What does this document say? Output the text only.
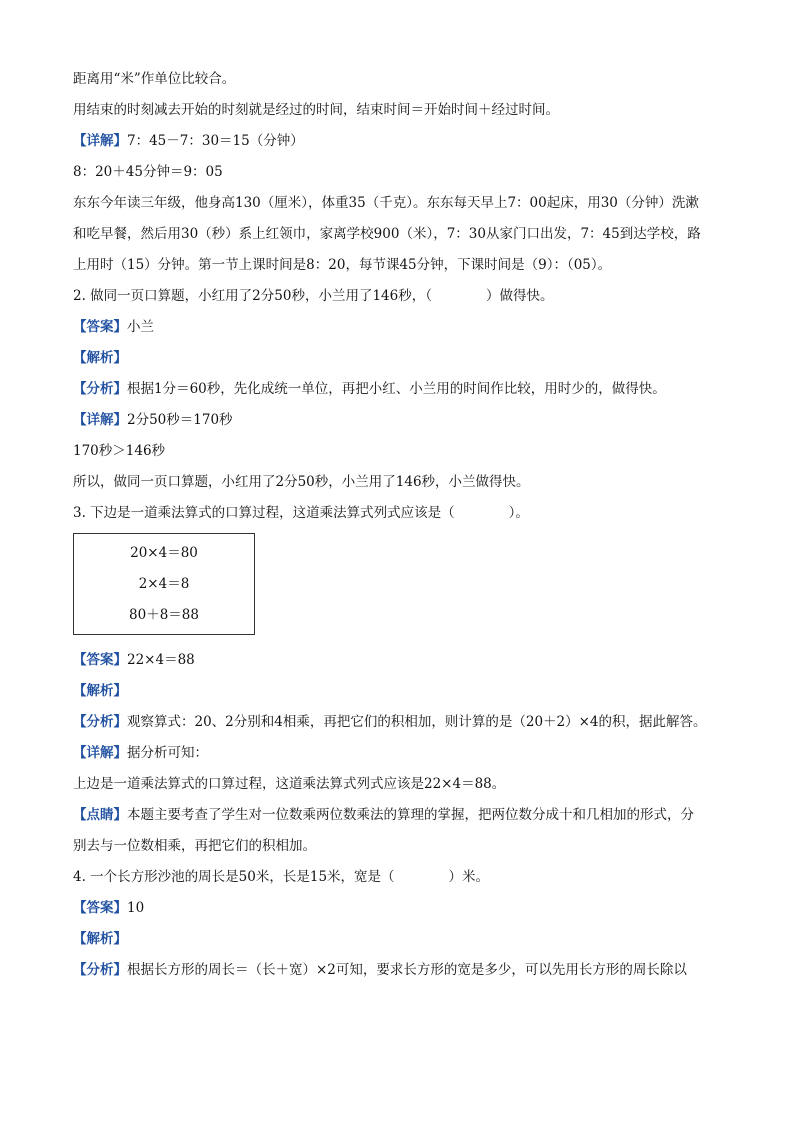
距离用“米”作单位比较合。
用结束的时刻减去开始的时刻就是经过的时间，结束时间＝开始时间＋经过时间。
【详解】7：45－7：30＝15（分钟）
8：20＋45分钟＝9：05
东东今年读三年级，他身高130（厘米），体重35（千克）。东东每天早上7：00起床，用30（分钟）洗漱
和吃早餐，然后用30（秒）系上红领巾，家离学校900（米），7：30从家门口出发，7：45到达学校，路
上用时（15）分钟。第一节上课时间是8：20，每节课45分钟，下课时间是（9）：（05）。
2. 做同一页口算题，小红用了2分50秒，小兰用了146秒，（　　　　）做得快。
【答案】小兰
【解析】
【分析】根据1分＝60秒，先化成统一单位，再把小红、小兰用的时间作比较，用时少的，做得快。
【详解】2分50秒＝170秒
170秒＞146秒
所以，做同一页口算题，小红用了2分50秒，小兰用了146秒，小兰做得快。
3. 下边是一道乘法算式的口算过程，这道乘法算式列式应该是（　　　　）。
20×4＝80
2×4＝8
80＋8＝88
【答案】22×4＝88
【解析】
【分析】观察算式：20、2分别和4相乘，再把它们的积相加，则计算的是（20＋2）×4的积，据此解答。
【详解】据分析可知：
上边是一道乘法算式的口算过程，这道乘法算式列式应该是22×4＝88。
【点睛】本题主要考查了学生对一位数乘两位数乘法的算理的掌握，把两位数分成十和几相加的形式，分
别去与一位数相乘，再把它们的积相加。
4. 一个长方形沙池的周长是50米，长是15米，宽是（　　　　）米。
【答案】10
【解析】
【分析】根据长方形的周长＝（长＋宽）×2可知，要求长方形的宽是多少，可以先用长方形的周长除以
